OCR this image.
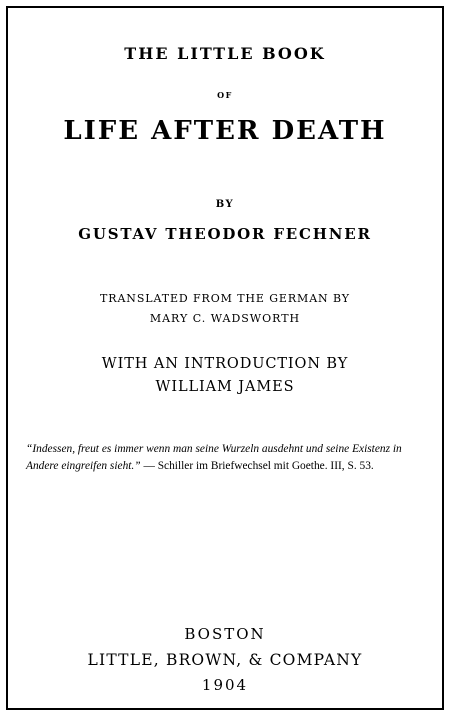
THE LITTLE BOOK
OF
LIFE AFTER DEATH
BY
GUSTAV THEODOR FECHNER
TRANSLATED FROM THE GERMAN BY
MARY C. WADSWORTH
WITH AN INTRODUCTION BY
WILLIAM JAMES
“Indessen, freut es immer wenn man seine Wurzeln ausdehnt und seine Existenz in Andere eingreifen sieht.” — Schiller im Briefwechsel mit Goethe. III, S. 53.
BOSTON
LITTLE, BROWN, & COMPANY
1904
